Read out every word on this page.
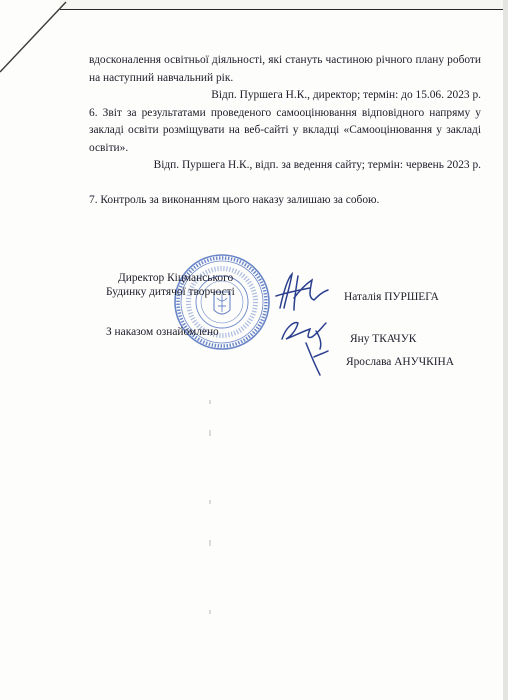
вдосконалення освітньої діяльності, які стануть частиною річного плану роботи на наступний навчальний рік.

Відп. Пуршега Н.К., директор; термін: до 15.06. 2023 р.

6. Звіт за результатами проведеного самооцінювання відповідного напряму у закладі освіти розміщувати на веб-сайті у вкладці «Самооцінювання у закладі освіти».

Відп. Пуршега Н.К., відп. за ведення сайту; термін: червень 2023 р.

7. Контроль за виконанням цього наказу залишаю за собою.

Директор Кіцманського
Будинку дитячої творчості	Наталія ПУРШЕГА
З наказом ознайомлено
Яну ТКАЧУК
Ярослава АНУЧКІНА
